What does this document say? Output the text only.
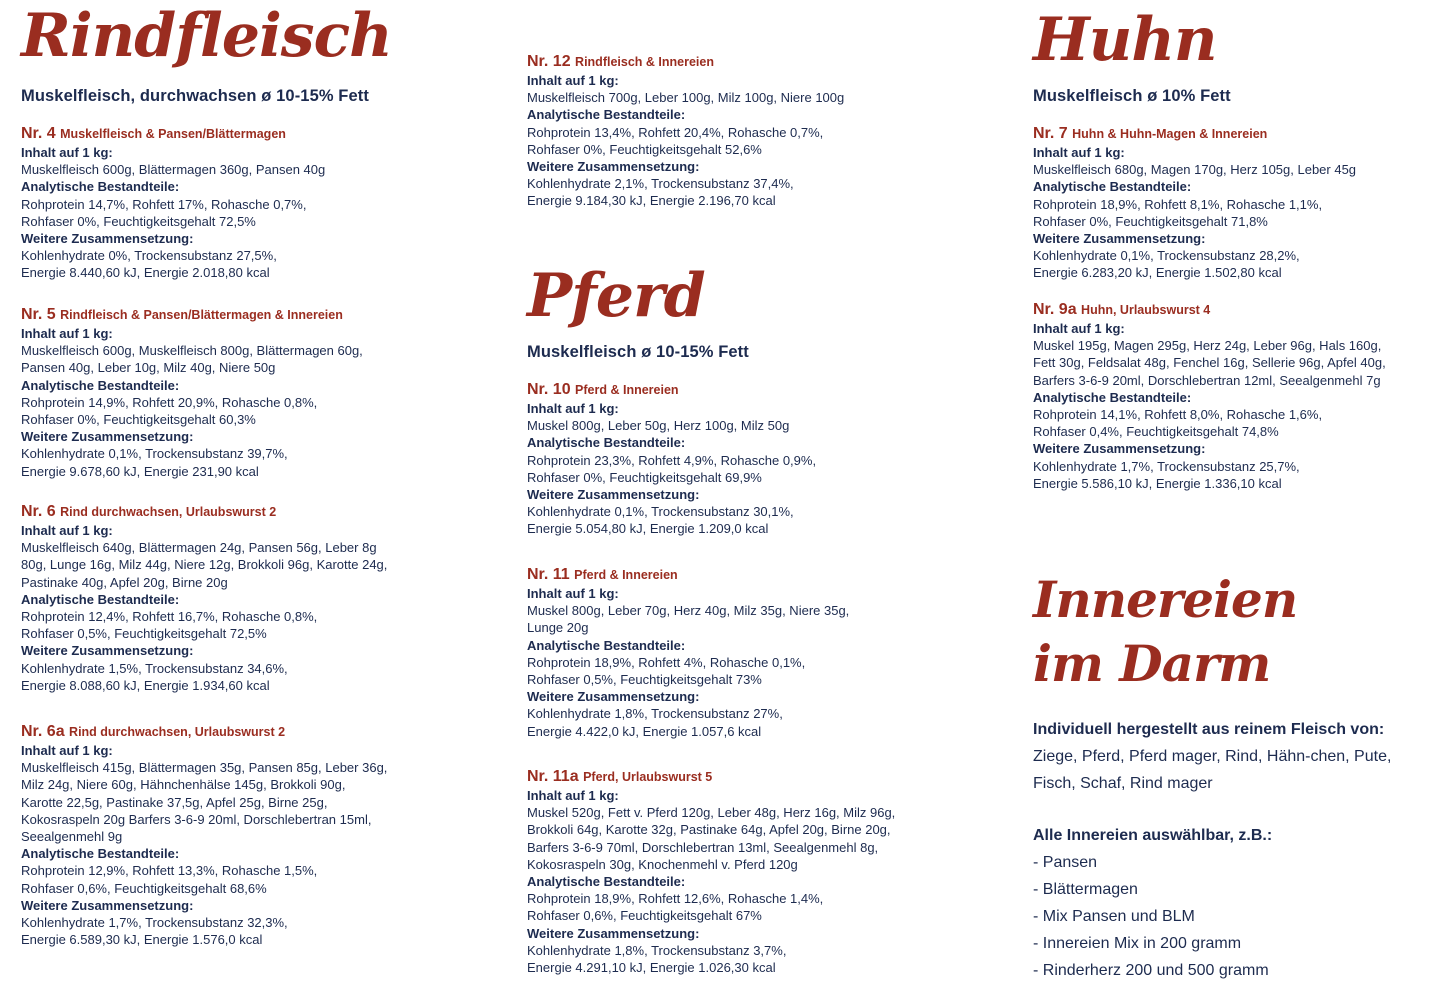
Rindfleisch

Muskelfleisch, durchwachsen ø 10-15% Fett

Nr. 4 Muskelfleisch & Pansen/Blättermagen

Inhalt auf 1 kg:

Muskelfleisch 600g, Blättermagen 360g, Pansen 40g

Analytische Bestandteile:

Rohprotein 14,7%, Rohfett 17%, Rohasche 0,7%,
Rohfaser 0%, Feuchtigkeitsgehalt 72,5%

Weitere Zusammensetzung:

Kohlenhydrate 0%, Trockensubstanz 27,5%,
Energie 8.440,60 kJ, Energie 2.018,80 kcal

Nr. 5 Rindfleisch & Pansen/Blättermagen & Innereien

Inhalt auf 1 kg:

Muskelfleisch 600g, Muskelfleisch 800g, Blättermagen 60g,
Pansen 40g, Leber 10g, Milz 40g, Niere 50g

Analytische Bestandteile:

Rohprotein 14,9%, Rohfett 20,9%, Rohasche 0,8%,
Rohfaser 0%, Feuchtigkeitsgehalt 60,3%

Weitere Zusammensetzung:

Kohlenhydrate 0,1%, Trockensubstanz 39,7%,
Energie 9.678,60 kJ, Energie 231,90 kcal

Nr. 6 Rind durchwachsen, Urlaubswurst 2

Inhalt auf 1 kg:

Muskelfleisch 640g, Blättermagen 24g, Pansen 56g, Leber 8g
80g, Lunge 16g, Milz 44g, Niere 12g, Brokkoli 96g, Karotte 24g,
Pastinake 40g, Apfel 20g, Birne 20g

Analytische Bestandteile:

Rohprotein 12,4%, Rohfett 16,7%, Rohasche 0,8%,
Rohfaser 0,5%, Feuchtigkeitsgehalt 72,5%

Weitere Zusammensetzung:

Kohlenhydrate 1,5%, Trockensubstanz 34,6%,
Energie 8.088,60 kJ, Energie 1.934,60 kcal

Nr. 6a Rind durchwachsen, Urlaubswurst 2

Inhalt auf 1 kg:

Muskelfleisch 415g, Blättermagen 35g, Pansen 85g, Leber 36g,
Milz 24g, Niere 60g, Hähnchenhälse 145g, Brokkoli 90g,
Karotte 22,5g, Pastinake 37,5g, Apfel 25g, Birne 25g,
Kokosraspeln 20g Barfers 3-6-9 20ml, Dorschlebertran 15ml,
Seealgenmehl 9g

Analytische Bestandteile:

Rohprotein 12,9%, Rohfett 13,3%, Rohasche 1,5%,
Rohfaser 0,6%, Feuchtigkeitsgehalt 68,6%

Weitere Zusammensetzung:

Kohlenhydrate 1,7%, Trockensubstanz 32,3%,
Energie 6.589,30 kJ, Energie 1.576,0 kcal

Nr. 12 Rindfleisch & Innereien

Inhalt auf 1 kg:

Muskelfleisch 700g, Leber 100g, Milz 100g, Niere 100g

Analytische Bestandteile:

Rohprotein 13,4%, Rohfett 20,4%, Rohasche 0,7%,
Rohfaser 0%, Feuchtigkeitsgehalt 52,6%

Weitere Zusammensetzung:

Kohlenhydrate 2,1%, Trockensubstanz 37,4%,
Energie 9.184,30 kJ, Energie 2.196,70 kcal

Pferd

Muskelfleisch ø 10-15% Fett

Nr. 10 Pferd & Innereien

Inhalt auf 1 kg:

Muskel 800g, Leber 50g, Herz 100g, Milz 50g

Analytische Bestandteile:

Rohprotein 23,3%, Rohfett 4,9%, Rohasche 0,9%,
Rohfaser 0%, Feuchtigkeitsgehalt 69,9%

Weitere Zusammensetzung:

Kohlenhydrate 0,1%, Trockensubstanz 30,1%,
Energie 5.054,80 kJ, Energie 1.209,0 kcal

Nr. 11 Pferd & Innereien

Inhalt auf 1 kg:

Muskel 800g, Leber 70g, Herz 40g, Milz 35g, Niere 35g,
Lunge 20g

Analytische Bestandteile:

Rohprotein 18,9%, Rohfett 4%, Rohasche 0,1%,
Rohfaser 0,5%, Feuchtigkeitsgehalt 73%

Weitere Zusammensetzung:

Kohlenhydrate 1,8%, Trockensubstanz 27%,
Energie 4.422,0 kJ, Energie 1.057,6 kcal

Nr. 11a Pferd, Urlaubswurst 5

Inhalt auf 1 kg:

Muskel 520g, Fett v. Pferd 120g, Leber 48g, Herz 16g, Milz 96g,
Brokkoli 64g, Karotte 32g, Pastinake 64g, Apfel 20g, Birne 20g,
Barfers 3-6-9 70ml, Dorschlebertran 13ml, Seealgenmehl 8g,
Kokosraspeln 30g, Knochenmehl v. Pferd 120g

Analytische Bestandteile:

Rohprotein 18,9%, Rohfett 12,6%, Rohasche 1,4%,
Rohfaser 0,6%, Feuchtigkeitsgehalt 67%

Weitere Zusammensetzung:

Kohlenhydrate 1,8%, Trockensubstanz 3,7%,
Energie 4.291,10 kJ, Energie 1.026,30 kcal

Huhn

Muskelfleisch ø 10% Fett

Nr. 7 Huhn & Huhn-Magen & Innereien

Inhalt auf 1 kg:

Muskelfleisch 680g, Magen 170g, Herz 105g, Leber 45g

Analytische Bestandteile:

Rohprotein 18,9%, Rohfett 8,1%, Rohasche 1,1%,
Rohfaser 0%, Feuchtigkeitsgehalt 71,8%

Weitere Zusammensetzung:

Kohlenhydrate 0,1%, Trockensubstanz 28,2%,
Energie 6.283,20 kJ, Energie 1.502,80 kcal

Nr. 9a Huhn, Urlaubswurst 4

Inhalt auf 1 kg:

Muskel 195g, Magen 295g, Herz 24g, Leber 96g, Hals 160g,
Fett 30g, Feldsalat 48g, Fenchel 16g, Sellerie 96g, Apfel 40g,
Barfers 3-6-9 20ml, Dorschlebertran 12ml, Seealgenmehl 7g

Analytische Bestandteile:

Rohprotein 14,1%, Rohfett 8,0%, Rohasche 1,6%,
Rohfaser 0,4%, Feuchtigkeitsgehalt 74,8%

Weitere Zusammensetzung:

Kohlenhydrate 1,7%, Trockensubstanz 25,7%,
Energie 5.586,10 kJ, Energie 1.336,10 kcal

Innereien
im Darm

Individuell hergestellt aus reinem Fleisch von: Ziege, Pferd, Pferd mager, Rind, Hähn-chen, Pute, Fisch, Schaf, Rind mager

Alle Innereien auswählbar, z.B.:

- Pansen

- Blättermagen

- Mix Pansen und BLM

- Innereien Mix in 200 gramm

- Rinderherz 200 und 500 gramm
